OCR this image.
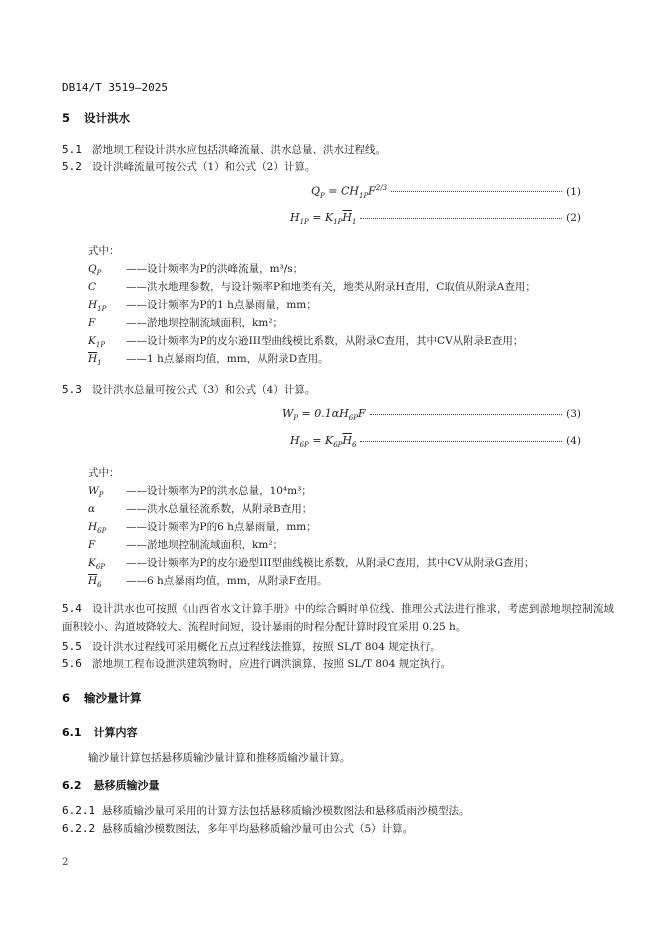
DB14/T 3519—2025
5 设计洪水
5.1 淤地坝工程设计洪水应包括洪峰流量、洪水总量、洪水过程线。
5.2 设计洪峰流量可按公式（1）和公式（2）计算。
$Q_P = CH_{1P}F^{2/3}$	(1)
$H_{1P} = K_{1P}\overline{H}_1$	(2)
式中：
$Q_P$ ——设计频率为P的洪峰流量，m³/s；
C	——洪水地理参数，与设计频率P和地类有关，地类从附录H查用，C取值从附录A查用；
$H_{1P}$ ——设计频率为P的1 h点暴雨量，mm；
F	——淤地坝控制流域面积，km²；
$K_{1P}$ ——设计频率为P的皮尔逊III型曲线模比系数，从附录C查用，其中CV从附录E查用；
$\overline{H}_1$ ——1 h点暴雨均值，mm，从附录D查用。
5.3 设计洪水总量可按公式（3）和公式（4）计算。
$W_P = 0.1\alpha H_{6P}F$	(3)
$H_{6P} = K_{6P}\overline{H}_6$	(4)
式中：
$W_P$ ——设计频率为P的洪水总量，10⁴m³；
α	——洪水总量径流系数，从附录B查用；
$H_{6P}$ ——设计频率为P的6 h点暴雨量，mm；
F	——淤地坝控制流域面积，km²；
$K_{6P}$ ——设计频率为P的皮尔逊型III型曲线模比系数，从附录C查用，其中CV从附录G查用；
$\overline{H}_6$ ——6 h点暴雨均值，mm，从附录F查用。
5.4 设计洪水也可按照《山西省水文计算手册》中的综合瞬时单位线、推理公式法进行推求，考虑到淤地坝控制流域面积较小、沟道坡降较大、流程时间短，设计暴雨的时程分配计算时段宜采用 0.25 h。
5.5 设计洪水过程线可采用概化五点过程线法推算，按照 SL/T 804 规定执行。
5.6 淤地坝工程布设泄洪建筑物时，应进行调洪演算，按照 SL/T 804 规定执行。
6 输沙量计算
6.1 计算内容
输沙量计算包括悬移质输沙量计算和推移质输沙量计算。
6.2 悬移质输沙量
6.2.1 悬移质输沙量可采用的计算方法包括悬移质输沙模数图法和悬移质雨沙模型法。
6.2.2 悬移质输沙模数图法，多年平均悬移质输沙量可由公式（5）计算。
2
